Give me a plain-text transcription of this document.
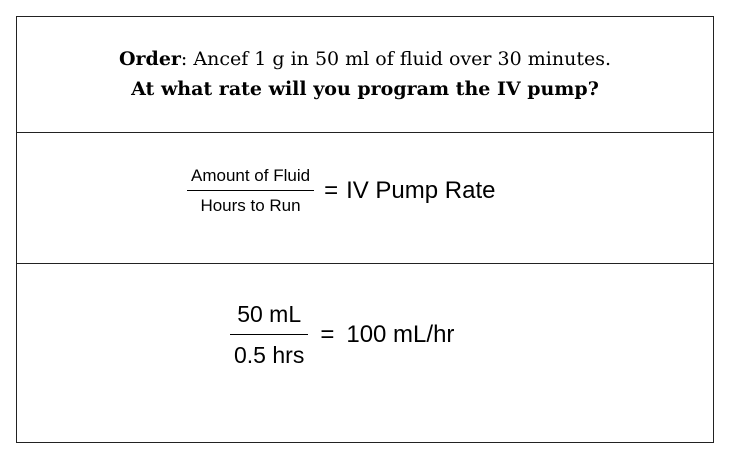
Order: Ancef 1 g in 50 ml of fluid over 30 minutes.
At what rate will you program the IV pump?
$\frac{\text{Amount of Fluid}}{\text{Hours to Run}}$ = IV Pump Rate
$\frac{50 mL}{\text{0.5 hrs}} = 100$ mL/hr
